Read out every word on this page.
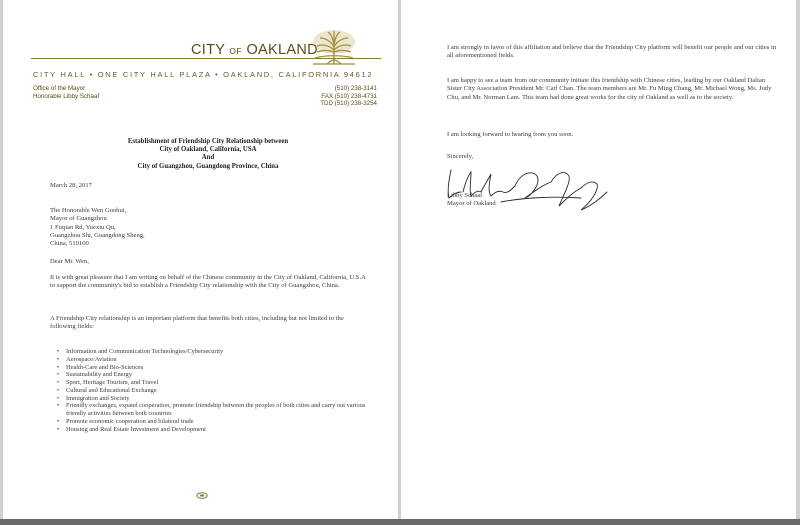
CITY OF OAKLAND
CITY HALL • ONE CITY HALL PLAZA • OAKLAND, CALIFORNIA 94612
Office of the Mayor
Honorable Libby Schaaf
(510) 238-3141
FAX (510) 238-4731
TDD (510) 238-3254
Establishment of Friendship City Relationship between
City of Oakland, California, USA
And
City of Guangzhou, Guangdong Province, China
March 28, 2017
The Honorable Wen Guohui,
Mayor of Guangzhou
1 Fuqian Rd, Yuexiu Qu,
Guangzhou Shi, Guangdong Sheng,
China, 510100
Dear Mr. Wen,
It is with great pleasure that I am writing on behalf of the Chinese community in the City of Oakland, California, U.S.A to support the community's bid to establish a Friendship City relationship with the City of Guangzhou, China.
A Friendship City relationship is an important platform that benefits both cities, including but not limited to the following fields:
• Information and Communication Technologies/Cybersecurity
• Aerospace/Aviation
• Health-Care and Bio-Sciences
• Sustainability and Energy
• Sport, Heritage Tourism, and Travel
• Cultural and Educational Exchange
• Immigration and Society
• Friendly exchanges, expand cooperation, promote friendship between the peoples of both cities and carry out various friendly activities between both countries
• Promote economic cooperation and bilateral trade
• Housing and Real Estate Investment and Development
I am strongly in favor of this affiliation and believe that the Friendship City platform will benefit our people and our cities in all aforementioned fields.
I am happy to see a team from our community initiate this friendship with Chinese cities, leading by our Oakland Dalian Sister City Association President Mr. Carl Chan. The team members are Mr. Fu Ming Chang, Mr. Michael Wong, Ms. Judy Chu, and Mr. Norman Lam. This team had done great works for the city of Oakland as well as to the society.
I am looking forward to hearing from you soon.
Sincerely,
Libby Schaaf
Mayor of Oakland
